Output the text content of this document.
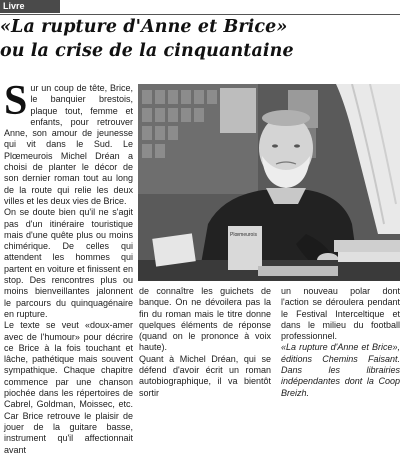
Livre
«La rupture d'Anne et Brice»
ou la crise de la cinquantaine

Sur un coup de tête, Brice, le banquier brestois, plaque tout, femme et enfants, pour retrouver Anne, son amour de jeunesse qui vit dans le Sud. Le Plœmeurois Michel Dréan a choisi de planter le décor de son dernier roman tout au long de la route qui relie les deux villes et les deux vies de Brice.

On se doute bien qu'il ne s'agit pas d'un itinéraire touristique mais d'une quête plus ou moins chimérique. De celles qui attendent les hommes qui partent en voiture et finissent en stop. Des rencontres plus ou moins bienveillantes jalonnent le parcours du quinquagénaire en rupture.

Le texte se veut «doux-amer avec de l'humour» pour décrire ce Brice à la fois touchant et lâche, pathétique mais souvent sympathique. Chaque chapitre commence par une chanson piochée dans les répertoires de Cabrel, Goldman, Moissec, etc. Car Brice retrouve le plaisir de jouer de la guitare basse, instrument qu'il affectionnait avant

Plœmeurois

de connaître les guichets de banque. On ne dévoilera pas la fin du roman mais le titre donne quelques éléments de réponse (quand on le prononce à voix haute).

Quant à Michel Dréan, qui se défend d'avoir écrit un roman autobiographique, il va bientôt sortir

un nouveau polar dont l'action se déroulera pendant le Festival Interceltique et dans le milieu du football professionnel.

«La rupture d'Anne et Brice», éditions Chemins Faisant. Dans les librairies indépendantes dont la Coop Breizh.
